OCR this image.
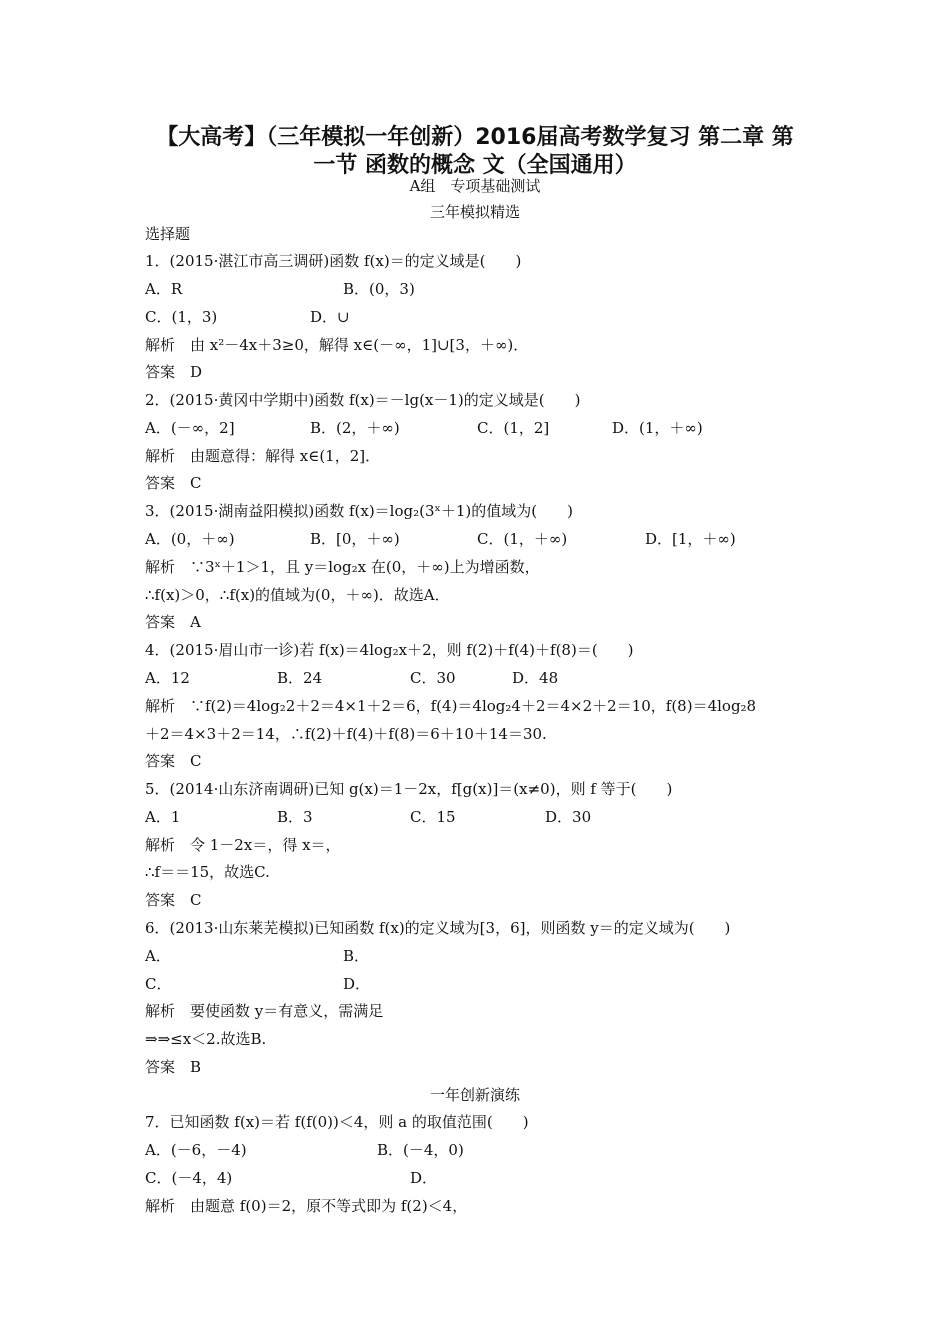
【大高考】（三年模拟一年创新）2016届高考数学复习 第二章 第
一节 函数的概念 文（全国通用）
A组　专项基础测试
三年模拟精选
选择题
1．(2015·湛江市高三调研)函数 f(x)＝的定义域是(　　)
A．R	B．(0，3)
C．(1，3)	D．∪
解析　由 x²－4x＋3≥0，解得 x∈(－∞，1]∪[3，＋∞)．
答案　D
2．(2015·黄冈中学期中)函数 f(x)＝－lg(x－1)的定义域是(　　)
A．(－∞，2]	B．(2，＋∞)	C．(1，2]	D．(1，＋∞)
解析　由题意得：解得 x∈(1，2]．
答案　C
3．(2015·湖南益阳模拟)函数 f(x)＝log₂(3ˣ＋1)的值域为(　　)
A．(0，＋∞)	B．[0，＋∞)	C．(1，＋∞)	D．[1，＋∞)
解析　∵3ˣ＋1＞1，且 y＝log₂x 在(0，＋∞)上为增函数，
∴f(x)＞0，∴f(x)的值域为(0，＋∞)．故选A．
答案　A
4．(2015·眉山市一诊)若 f(x)＝4log₂x＋2，则 f(2)＋f(4)＋f(8)＝(　　)
A．12	B．24	C．30	D．48
解析　∵f(2)＝4log₂2＋2＝4×1＋2＝6，f(4)＝4log₂4＋2＝4×2＋2＝10，f(8)＝4log₂8
＋2＝4×3＋2＝14，∴f(2)＋f(4)＋f(8)＝6＋10＋14＝30.
答案　C
5．(2014·山东济南调研)已知 g(x)＝1－2x，f[g(x)]＝(x≠0)，则 f 等于(　　)
A．1	B．3	C．15	D．30
解析　令 1－2x＝，得 x＝，
∴f＝＝15，故选C.
答案　C
6．(2013·山东莱芜模拟)已知函数 f(x)的定义域为[3，6]，则函数 y＝的定义域为(　　)
A．	B．
C．	D．
解析　要使函数 y＝有意义，需满足
⇒⇒≤x＜2.故选B.
答案　B
一年创新演练
7．已知函数 f(x)＝若 f(f(0))＜4，则 a 的取值范围(　　)
A．(－6，－4)	B．(－4，0)
C．(－4，4)	D．
解析　由题意 f(0)＝2，原不等式即为 f(2)＜4，
